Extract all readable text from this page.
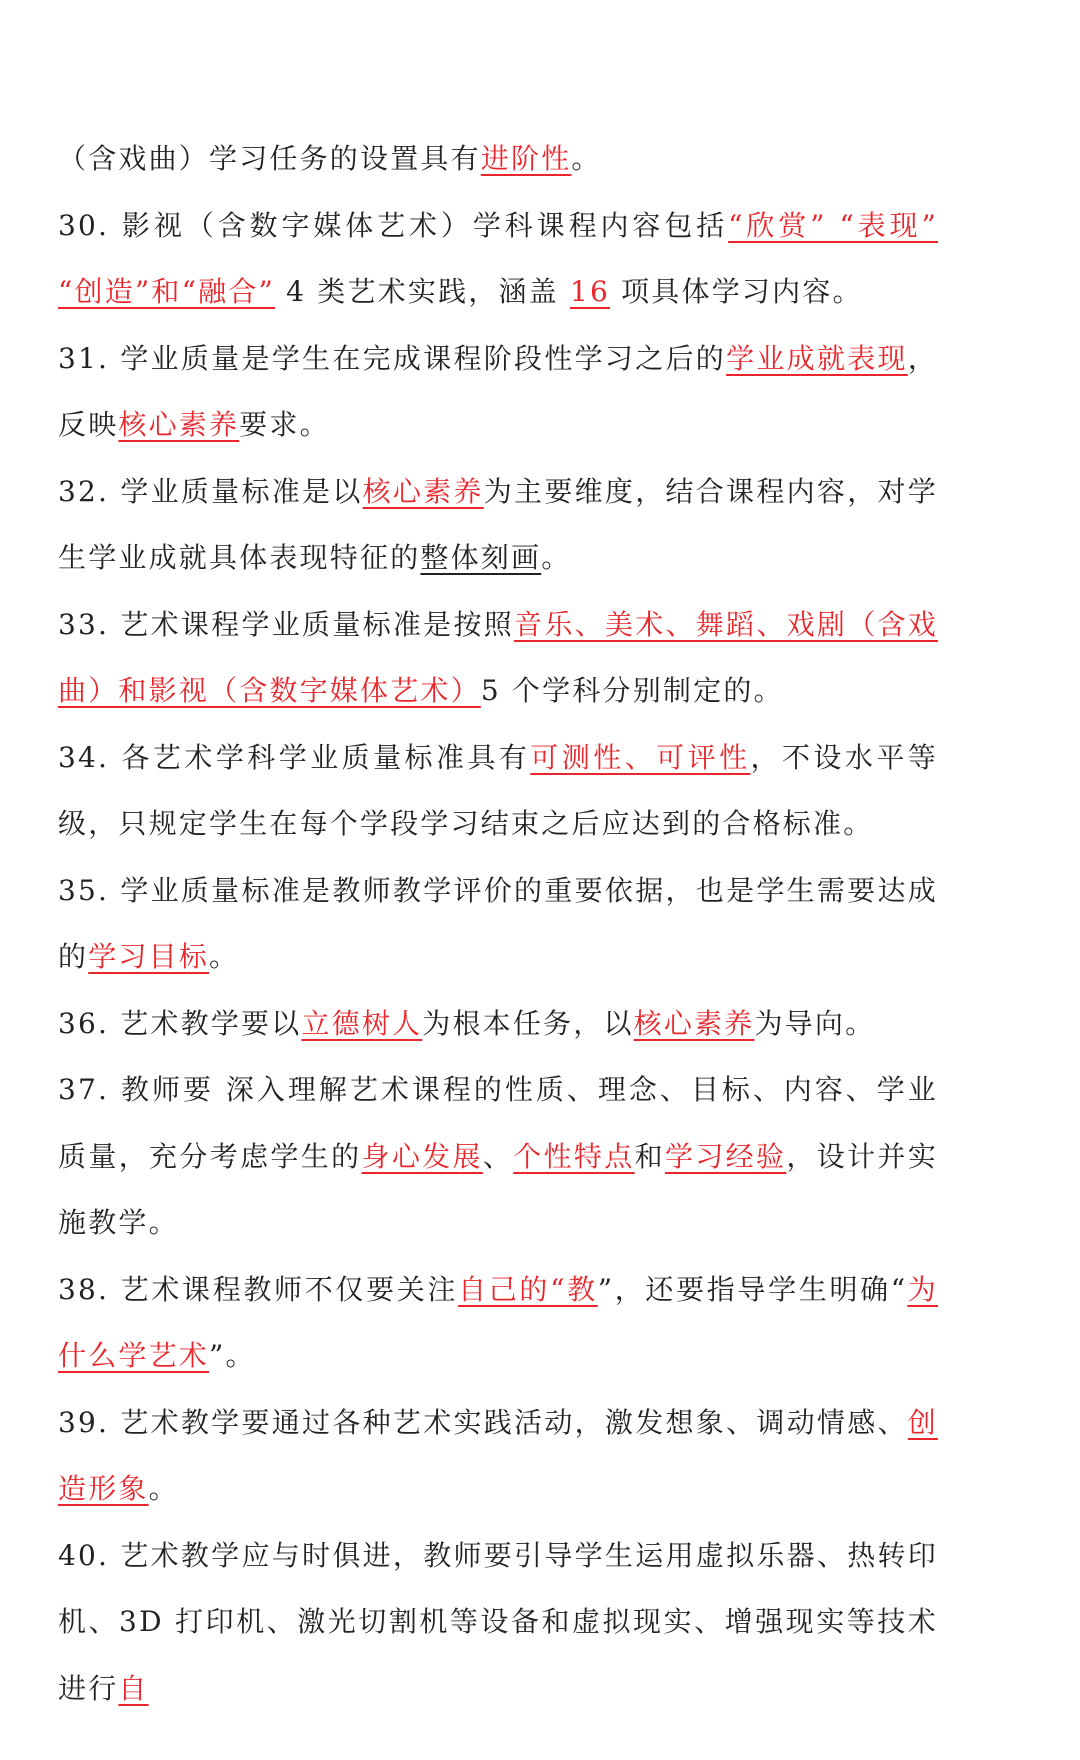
（含戏曲）学习任务的设置具有进阶性。

30. 影视（含数字媒体艺术）学科课程内容包括“欣赏” “表现” “创造”和“融合” 4 类艺术实践，涵盖 16 项具体学习内容。

31. 学业质量是学生在完成课程阶段性学习之后的学业成就表现，反映核心素养要求。

32. 学业质量标准是以核心素养为主要维度，结合课程内容，对学生学业成就具体表现特征的整体刻画。

33. 艺术课程学业质量标准是按照音乐、美术、舞蹈、戏剧（含戏 曲）和影视（含数字媒体艺术）5 个学科分别制定的。

34. 各艺术学科学业质量标准具有可测性、可评性，不设水平等级，只规定学生在每个学段学习结束之后应达到的合格标准。

35. 学业质量标准是教师教学评价的重要依据，也是学生需要达成的学习目标。

36. 艺术教学要以立德树人为根本任务，以核心素养为导向。

37. 教师要 深入理解艺术课程的性质、理念、目标、内容、学业质量，充分考虑学生的身心发展、个性特点和学习经验，设计并实施教学。

38. 艺术课程教师不仅要关注自己的“教”，还要指导学生明确“为什么学艺术”。

39. 艺术教学要通过各种艺术实践活动，激发想象、调动情感、创造形象。

40. 艺术教学应与时俱进，教师要引导学生运用虚拟乐器、热转印机、3D 打印机、激光切割机等设备和虚拟现实、增强现实等技术进行自
